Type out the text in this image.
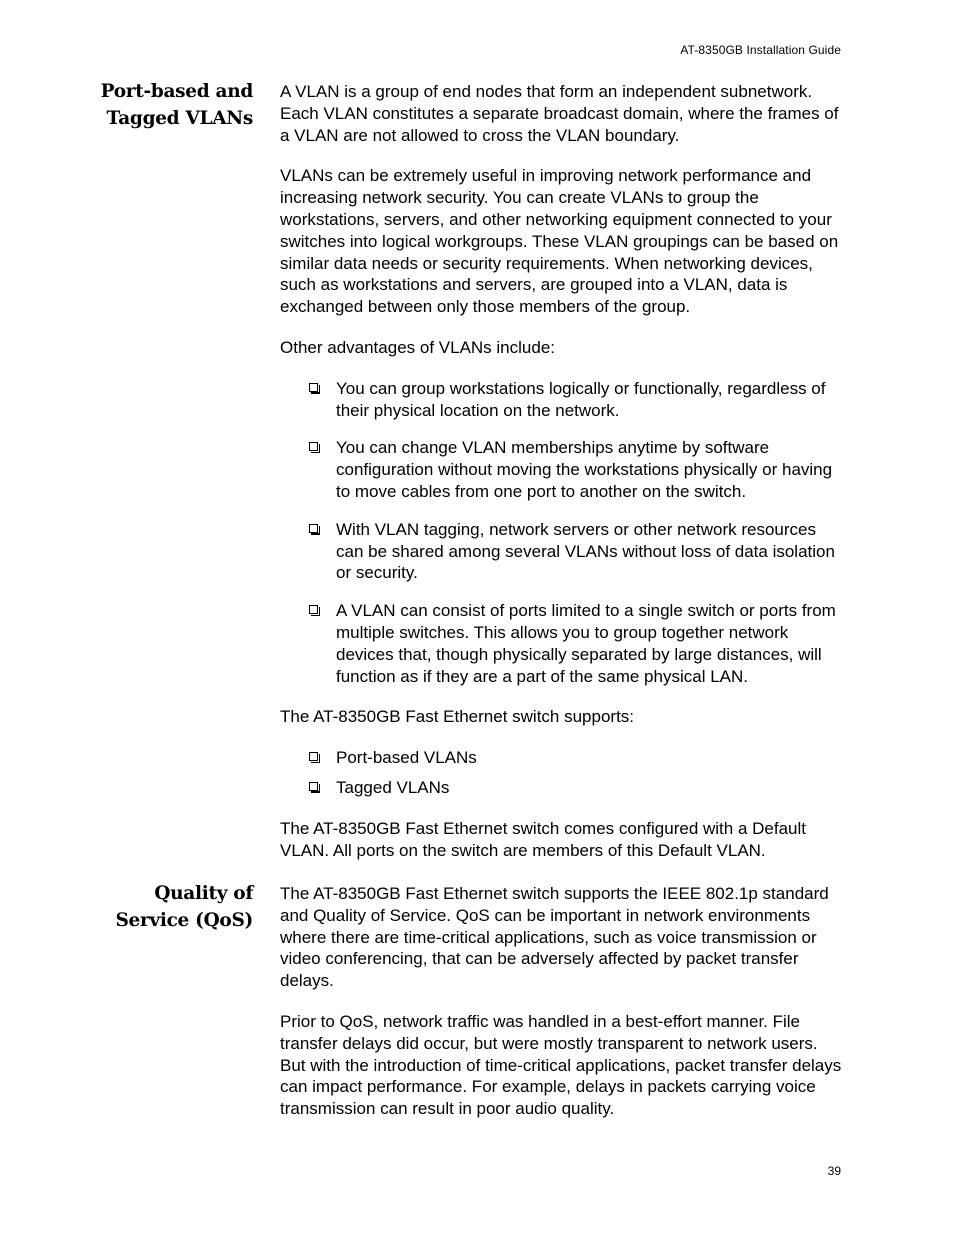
AT-8350GB Installation Guide
Port-based and
Tagged VLANs

A VLAN is a group of end nodes that form an independent subnetwork. Each VLAN constitutes a separate broadcast domain, where the frames of a VLAN are not allowed to cross the VLAN boundary.

VLANs can be extremely useful in improving network performance and increasing network security. You can create VLANs to group the workstations, servers, and other networking equipment connected to your switches into logical workgroups. These VLAN groupings can be based on similar data needs or security requirements. When networking devices, such as workstations and servers, are grouped into a VLAN, data is exchanged between only those members of the group.

Other advantages of VLANs include:

You can group workstations logically or functionally, regardless of their physical location on the network.
You can change VLAN memberships anytime by software configuration without moving the workstations physically or having to move cables from one port to another on the switch.
With VLAN tagging, network servers or other network resources can be shared among several VLANs without loss of data isolation or security.
A VLAN can consist of ports limited to a single switch or ports from multiple switches. This allows you to group together network devices that, though physically separated by large distances, will function as if they are a part of the same physical LAN.

The AT-8350GB Fast Ethernet switch supports:

Port-based VLANs
Tagged VLANs

The AT-8350GB Fast Ethernet switch comes configured with a Default VLAN. All ports on the switch are members of this Default VLAN.

Quality of
Service (QoS)

The AT-8350GB Fast Ethernet switch supports the IEEE 802.1p standard and Quality of Service. QoS can be important in network environments where there are time-critical applications, such as voice transmission or video conferencing, that can be adversely affected by packet transfer delays.

Prior to QoS, network traffic was handled in a best-effort manner. File transfer delays did occur, but were mostly transparent to network users. But with the introduction of time-critical applications, packet transfer delays can impact performance. For example, delays in packets carrying voice transmission can result in poor audio quality.

39
